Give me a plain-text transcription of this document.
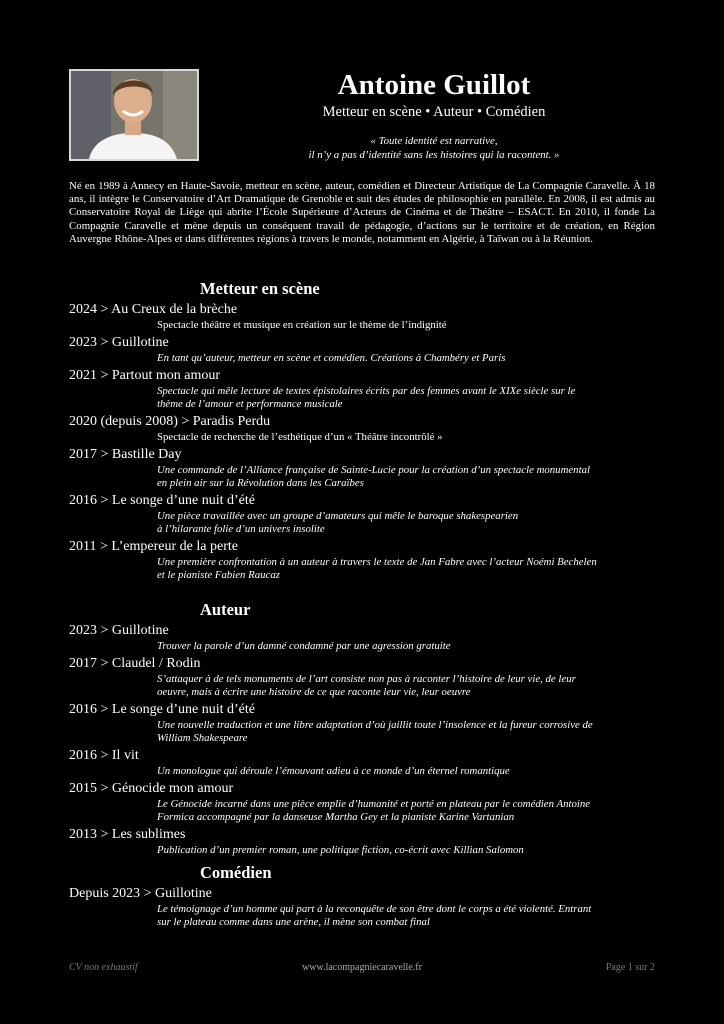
Antoine Guillot
Metteur en scène • Auteur • Comédien
« Toute identité est narrative,
il n’y a pas d’identité sans les histoires qui la racontent. »
Né en 1989 à Annecy en Haute-Savoie, metteur en scène, auteur, comédien et Directeur Artistique de La Compagnie Caravelle. À 18 ans, il intègre le Conservatoire d’Art Dramatique de Grenoble et suit des études de philosophie en parallèle. En 2008, il est admis au Conservatoire Royal de Liège qui abrite l’École Supérieure d’Acteurs de Cinéma et de Théâtre – ESACT. En 2010, il fonde La Compagnie Caravelle et mène depuis un conséquent travail de pédagogie, d’actions sur le territoire et de création, en Région Auvergne Rhône-Alpes et dans différentes régions à travers le monde, notamment en Algérie, à Taïwan ou à la Réunion.
Metteur en scène
2024 > Au Creux de la brèche
Spectacle théâtre et musique en création sur le thème de l’indignité
2023 > Guillotine
En tant qu’auteur, metteur en scène et comédien. Créations à Chambéry et Paris
2021 > Partout mon amour
Spectacle qui mêle lecture de textes épistolaires écrits par des femmes avant le XIXe siècle sur le
thème de l’amour et performance musicale
2020 (depuis 2008) > Paradis Perdu
Spectacle de recherche de l’esthétique d’un « Théâtre incontrôlé »
2017 > Bastille Day
Une commande de l’Alliance française de Sainte-Lucie pour la création d’un spectacle monumental
en plein air sur la Révolution dans les Caraïbes
2016 > Le songe d’une nuit d’été
Une pièce travaillée avec un groupe d’amateurs qui mêle le baroque shakespearien
à l’hilarante folie d’un univers insolite
2011 > L’empereur de la perte
Une première confrontation à un auteur à travers le texte de Jan Fabre avec l’acteur Noémi Bechelen
et le pianiste Fabien Raucaz
Auteur
2023 > Guillotine
Trouver la parole d’un damné condamné par une agression gratuite
2017 > Claudel / Rodin
S’attaquer à de tels monuments de l’art consiste non pas à raconter l’histoire de leur vie, de leur
oeuvre, mais à écrire une histoire de ce que raconte leur vie, leur oeuvre
2016 > Le songe d’une nuit d’été
Une nouvelle traduction et une libre adaptation d’où jaillit toute l’insolence et la fureur corrosive de
William Shakespeare
2016 > Il vit
Un monologue qui déroule l’émouvant adieu à ce monde d’un éternel romantique
2015 > Génocide mon amour
Le Génocide incarné dans une pièce emplie d’humanité et porté en plateau par le comédien Antoine
Formica accompagné par la danseuse Martha Gey et la pianiste Karine Vartanian
2013 > Les sublimes
Publication d’un premier roman, une politique fiction, co-écrit avec Killian Salomon
Comédien
Depuis 2023 > Guillotine
Le témoignage d’un homme qui part à la reconquête de son être dont le corps a été violenté. Entrant
sur le plateau comme dans une arène, il mène son combat final
CV non exhaustif	www.lacompagniecaravelle.fr	Page 1 sur 2
